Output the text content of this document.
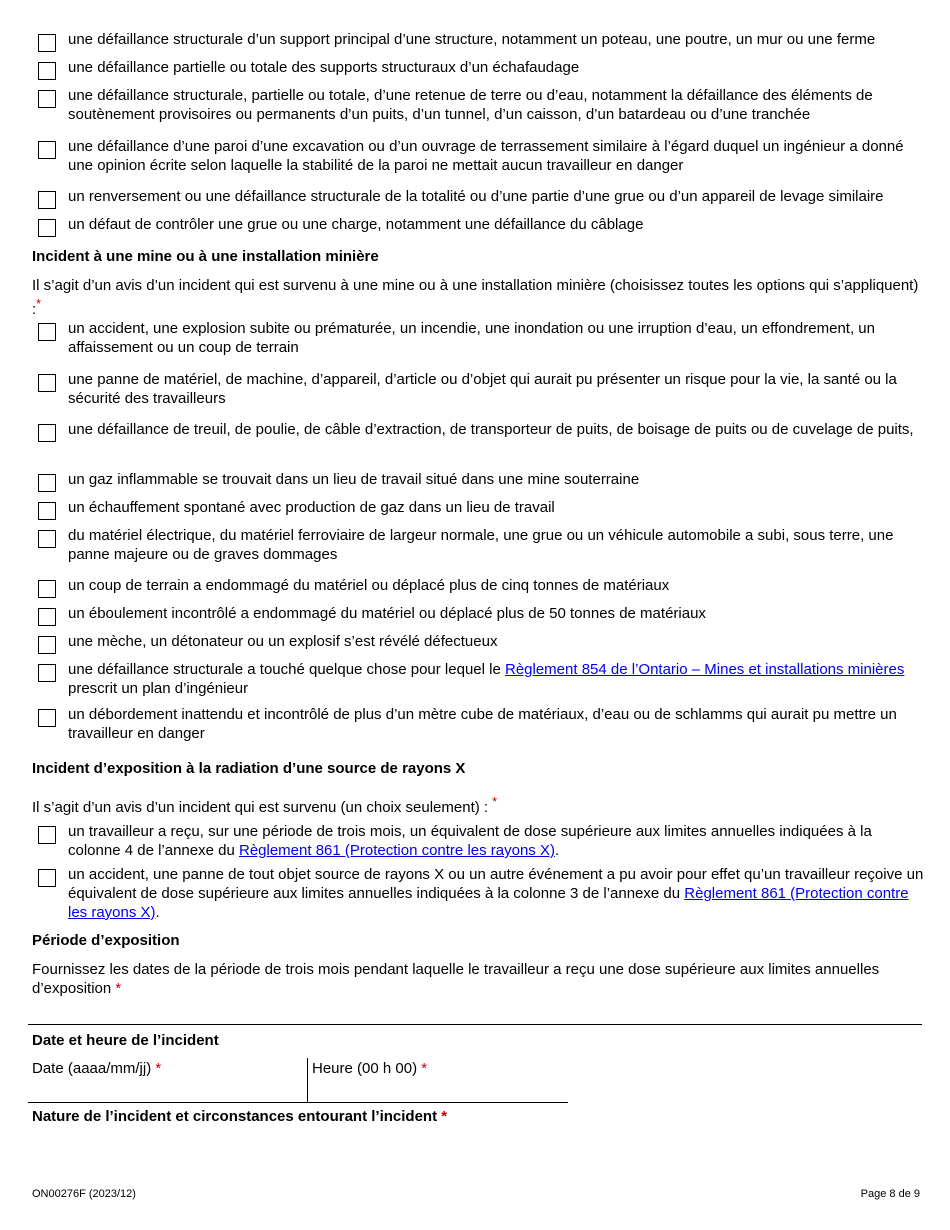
une défaillance structurale d’un support principal d’une structure, notamment un poteau, une poutre, un mur ou une ferme
une défaillance partielle ou totale des supports structuraux d’un échafaudage
une défaillance structurale, partielle ou totale, d’une retenue de terre ou d’eau, notamment la défaillance des éléments de soutènement provisoires ou permanents d’un puits, d’un tunnel, d’un caisson, d’un batardeau ou d’une tranchée
une défaillance d’une paroi d’une excavation ou d’un ouvrage de terrassement similaire à l’égard duquel un ingénieur a donné une opinion écrite selon laquelle la stabilité de la paroi ne mettait aucun travailleur en danger
un renversement ou une défaillance structurale de la totalité ou d’une partie d’une grue ou d’un appareil de levage similaire
un défaut de contrôler une grue ou une charge, notamment une défaillance du câblage
Incident à une mine ou à une installation minière
Il s’agit d’un avis d’un incident qui est survenu à une mine ou à une installation minière (choisissez toutes les options qui s’appliquent) :*
un accident, une explosion subite ou prématurée, un incendie, une inondation ou une irruption d’eau, un effondrement, un affaissement ou un coup de terrain
une panne de matériel, de machine, d’appareil, d’article ou d’objet qui aurait pu présenter un risque pour la vie, la santé ou la sécurité des travailleurs
une défaillance de treuil, de poulie, de câble d’extraction, de transporteur de puits, de boisage de puits ou de cuvelage de puits,
un gaz inflammable se trouvait dans un lieu de travail situé dans une mine souterraine
un échauffement spontané avec production de gaz dans un lieu de travail
du matériel électrique, du matériel ferroviaire de largeur normale, une grue ou un véhicule automobile a subi, sous terre, une panne majeure ou de graves dommages
un coup de terrain a endommagé du matériel ou déplacé plus de cinq tonnes de matériaux
un éboulement incontrôlé a endommagé du matériel ou déplacé plus de 50 tonnes de matériaux
une mèche, un détonateur ou un explosif s’est révélé défectueux
une défaillance structurale a touché quelque chose pour lequel le Règlement 854 de l’Ontario – Mines et installations minières prescrit un plan d’ingénieur
un débordement inattendu et incontrôlé de plus d’un mètre cube de matériaux, d’eau ou de schlamms qui aurait pu mettre un travailleur en danger
Incident d’exposition à la radiation d’une source de rayons X
Il s’agit d’un avis d’un incident qui est survenu (un choix seulement) : *
un travailleur a reçu, sur une période de trois mois, un équivalent de dose supérieure aux limites annuelles indiquées à la colonne 4 de l’annexe du Règlement 861 (Protection contre les rayons X).
un accident, une panne de tout objet source de rayons X ou un autre événement a pu avoir pour effet qu’un travailleur reçoive un équivalent de dose supérieure aux limites annuelles indiquées à la colonne 3 de l’annexe du Règlement 861 (Protection contre les rayons X).
Période d’exposition
Fournissez les dates de la période de trois mois pendant laquelle le travailleur a reçu une dose supérieure aux limites annuelles d’exposition *
Date et heure de l’incident
Date (aaaa/mm/jj) *	Heure (00 h 00) *
Nature de l’incident et circonstances entourant l’incident *
ON00276F (2023/12)	Page 8 de 9
